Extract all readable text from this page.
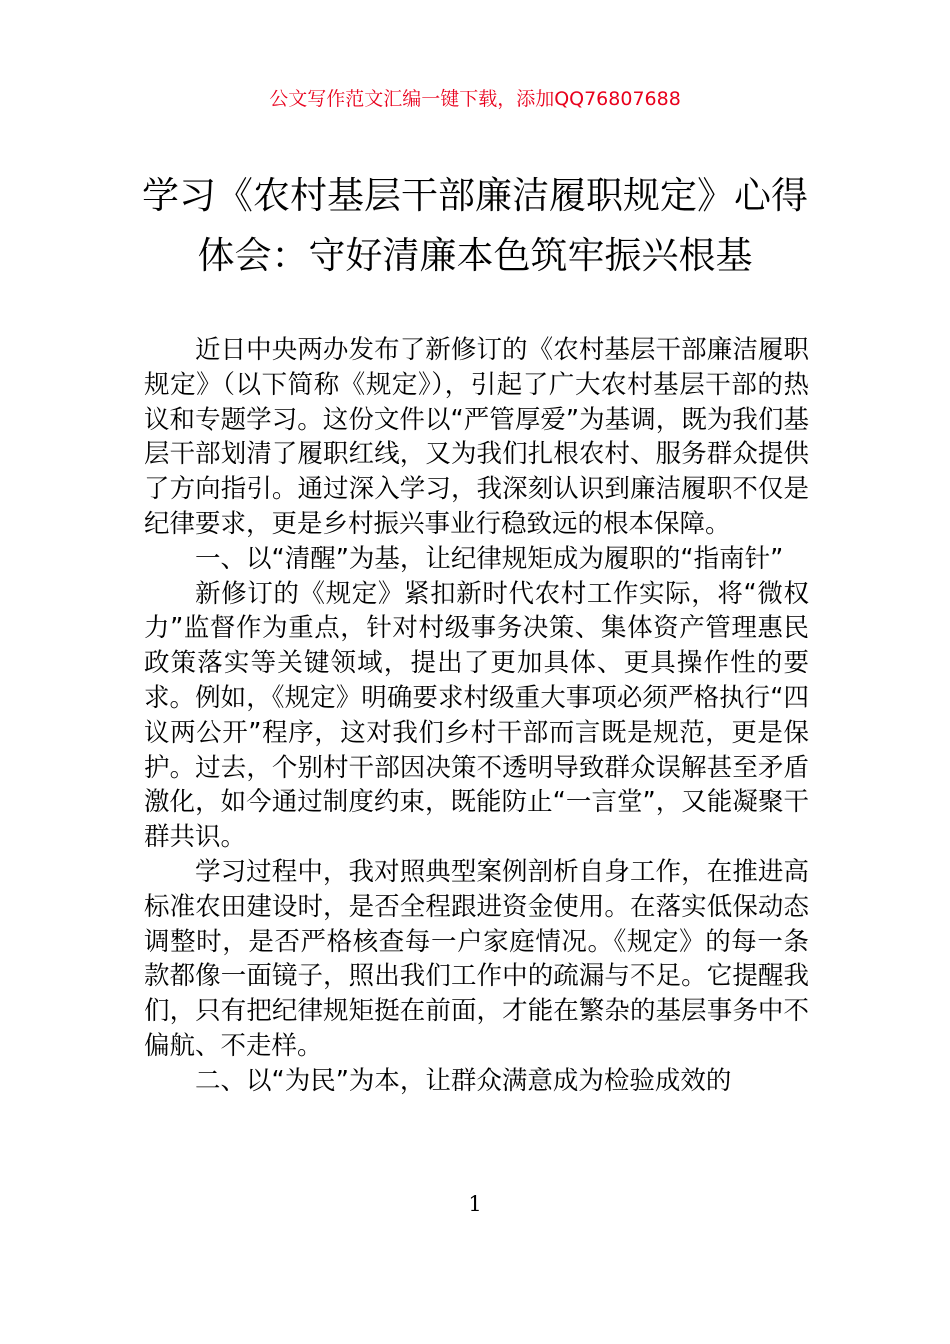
公文写作范文汇编一键下载，添加QQ76807688
学习《农村基层干部廉洁履职规定》心得
体会：守好清廉本色筑牢振兴根基

近日中央两办发布了新修订的《农村基层干部廉洁履职规定》（以下简称《规定》），引起了广大农村基层干部的热议和专题学习。这份文件以“严管厚爱”为基调，既为我们基层干部划清了履职红线，又为我们扎根农村、服务群众提供了方向指引。通过深入学习，我深刻认识到廉洁履职不仅是纪律要求，更是乡村振兴事业行稳致远的根本保障。

一、以“清醒”为基，让纪律规矩成为履职的“指南针”

新修订的《规定》紧扣新时代农村工作实际，将“微权力”监督作为重点，针对村级事务决策、集体资产管理惠民政策落实等关键领域，提出了更加具体、更具操作性的要求。例如，《规定》明确要求村级重大事项必须严格执行“四议两公开”程序，这对我们乡村干部而言既是规范，更是保护。过去，个别村干部因决策不透明导致群众误解甚至矛盾激化，如今通过制度约束，既能防止“一言堂”，又能凝聚干群共识。

学习过程中，我对照典型案例剖析自身工作，在推进高标准农田建设时，是否全程跟进资金使用。在落实低保动态调整时，是否严格核查每一户家庭情况。《规定》的每一条款都像一面镜子，照出我们工作中的疏漏与不足。它提醒我们，只有把纪律规矩挺在前面，才能在繁杂的基层事务中不偏航、不走样。

二、以“为民”为本，让群众满意成为检验成效的

1
